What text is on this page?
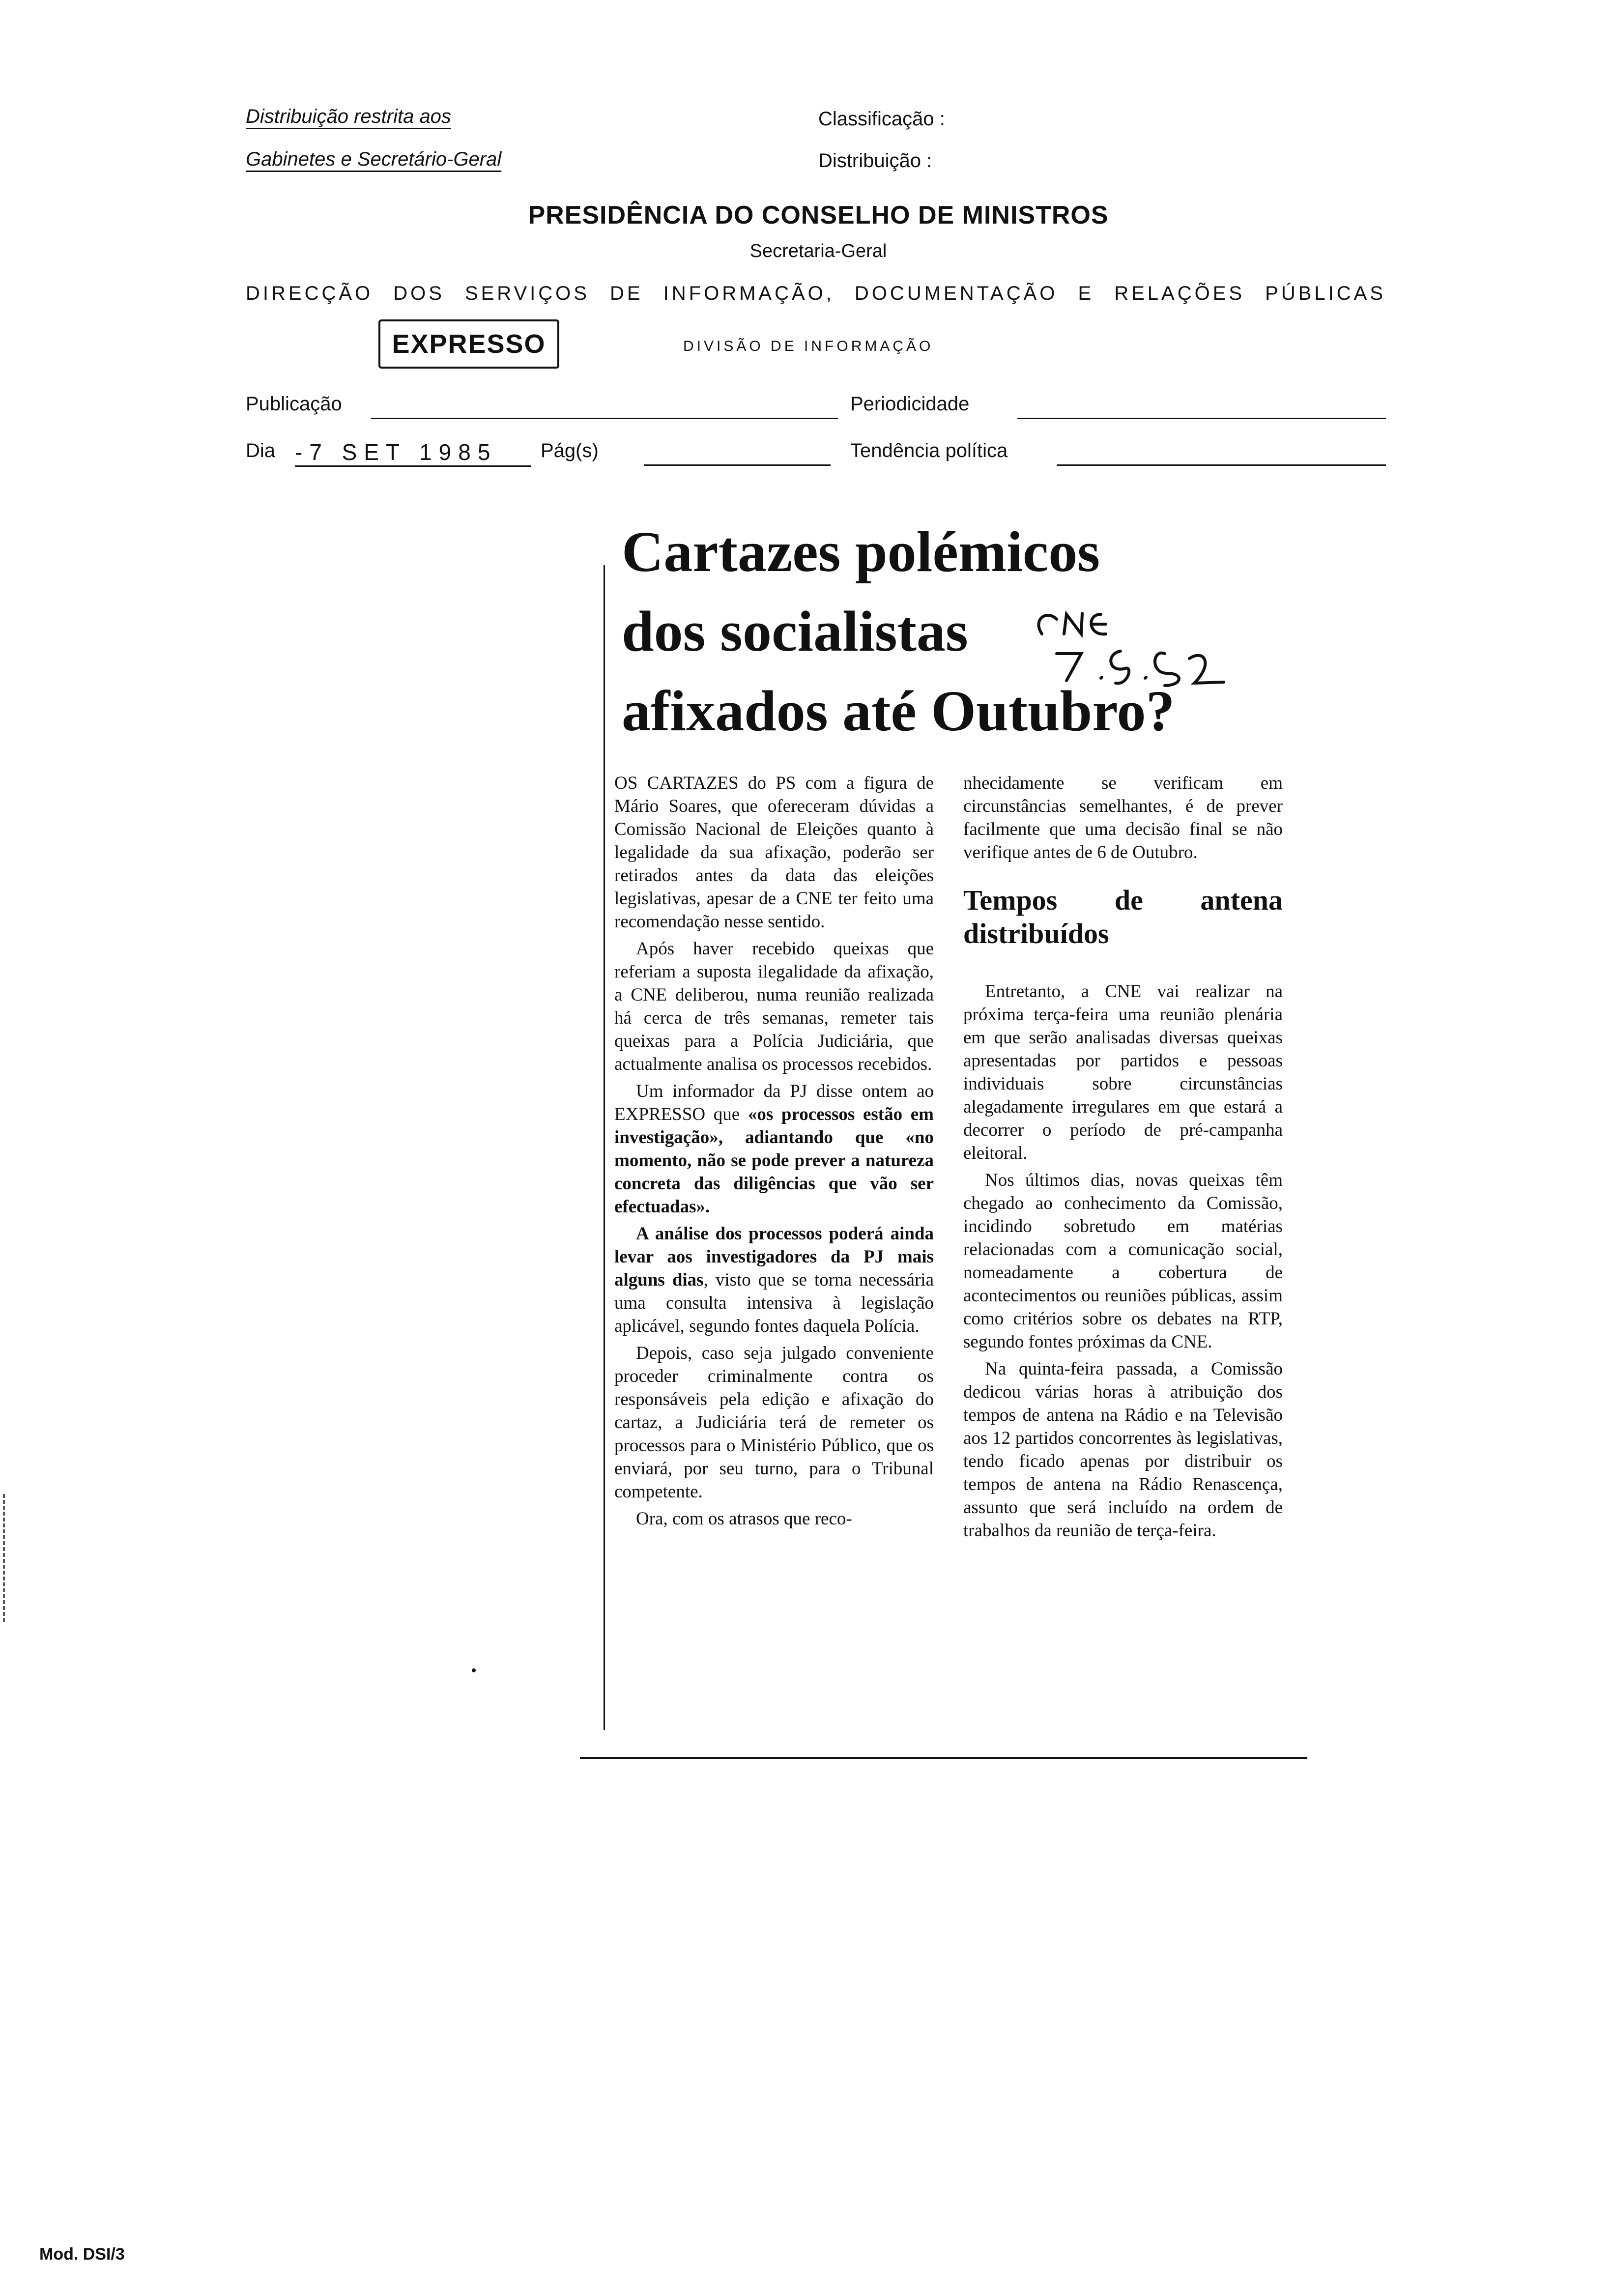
Distribuição restrita aos
Gabinetes e Secretário-Geral
Classificação :
Distribuição :
PRESIDÊNCIA DO CONSELHO DE MINISTROS
Secretaria-Geral
DIRECÇÃO DOS SERVIÇOS DE INFORMAÇÃO, DOCUMENTAÇÃO E RELAÇÕES PÚBLICAS
EXPRESSO	DIVISÃO DE INFORMAÇÃO
Publicação	Periodicidade
Dia -7 SET 1985	Pág(s)	Tendência política
Cartazes polémicos
dos socialistas
afixados até Outubro?

OS CARTAZES do PS com a figura de Mário Soares, que ofereceram dúvidas a Comissão Nacional de Eleições quanto à legalidade da sua afixação, poderão ser retirados antes da data das eleições legislativas, apesar de a CNE ter feito uma recomendação nesse sentido.

Após haver recebido queixas que referiam a suposta ilegalidade da afixação, a CNE deliberou, numa reunião realizada há cerca de três semanas, remeter tais queixas para a Polícia Judiciária, que actualmente analisa os processos recebidos.

Um informador da PJ disse ontem ao EXPRESSO que «os processos estão em investigação», adiantando que «no momento, não se pode prever a natureza concreta das diligências que vão ser efectuadas».

A análise dos processos poderá ainda levar aos investigadores da PJ mais alguns dias, visto que se torna necessária uma consulta intensiva à legislação aplicável, segundo fontes daquela Polícia.

Depois, caso seja julgado conveniente proceder criminalmente contra os responsáveis pela edição e afixação do cartaz, a Judiciária terá de remeter os processos para o Ministério Público, que os enviará, por seu turno, para o Tribunal competente.

Ora, com os atrasos que reco-

nhecidamente se verificam em circunstâncias semelhantes, é de prever facilmente que uma decisão final se não verifique antes de 6 de Outubro.

Tempos de antena distribuídos

Entretanto, a CNE vai realizar na próxima terça-feira uma reunião plenária em que serão analisadas diversas queixas apresentadas por partidos e pessoas individuais sobre circunstâncias alegadamente irregulares em que estará a decorrer o período de pré-campanha eleitoral.

Nos últimos dias, novas queixas têm chegado ao conhecimento da Comissão, incidindo sobretudo em matérias relacionadas com a comunicação social, nomeadamente a cobertura de acontecimentos ou reuniões públicas, assim como critérios sobre os debates na RTP, segundo fontes próximas da CNE.

Na quinta-feira passada, a Comissão dedicou várias horas à atribuição dos tempos de antena na Rádio e na Televisão aos 12 partidos concorrentes às legislativas, tendo ficado apenas por distribuir os tempos de antena na Rádio Renascença, assunto que será incluído na ordem de trabalhos da reunião de terça-feira.

Mod. DSI/3
